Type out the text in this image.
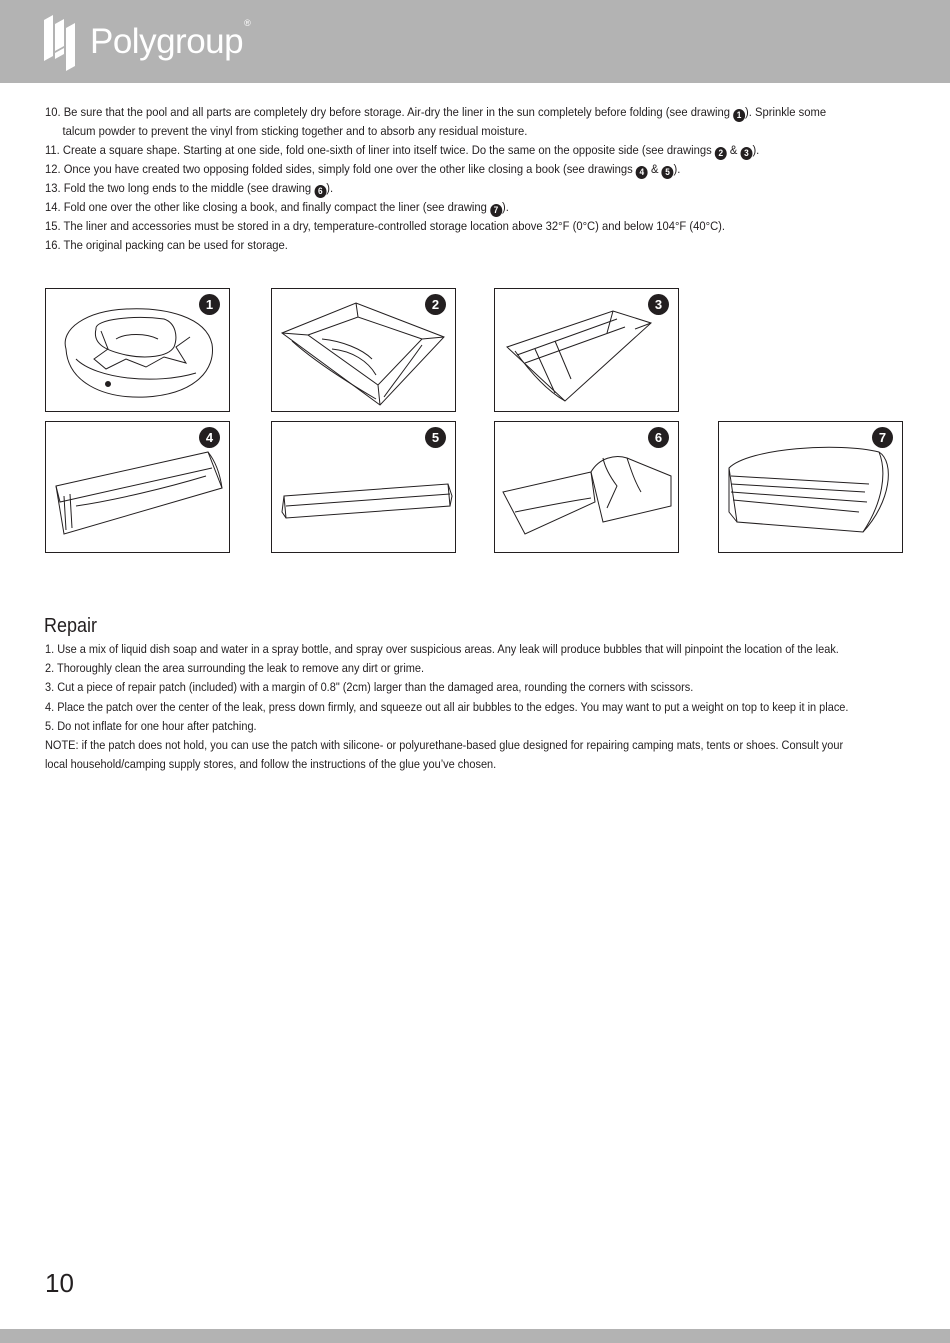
Polygroup®

10. Be sure that the pool and all parts are completely dry before storage. Air-dry the liner in the sun completely before folding (see drawing 1 ). Sprinkle some

talcum powder to prevent the vinyl from sticking together and to absorb any residual moisture.

11. Create a square shape. Starting at one side, fold one-sixth of liner into itself twice. Do the same on the opposite side (see drawings 2 & 3 ).

12. Once you have created two opposing folded sides, simply fold one over the other like closing a book (see drawings 4 & 5 ).

13. Fold the two long ends to the middle (see drawing 6 ).

14. Fold one over the other like closing a book, and finally compact the liner (see drawing 7 ).

15. The liner and accessories must be stored in a dry, temperature-controlled storage location above 32°F (0°C) and below 104°F (40°C).

16. The original packing can be used for storage.

1	2	3
4	5	6	7
Repair

1. Use a mix of liquid dish soap and water in a spray bottle, and spray over suspicious areas. Any leak will produce bubbles that will pinpoint the location of the leak.

2. Thoroughly clean the area surrounding the leak to remove any dirt or grime.

3. Cut a piece of repair patch (included) with a margin of 0.8" (2cm) larger than the damaged area, rounding the corners with scissors.

4. Place the patch over the center of the leak, press down firmly, and squeeze out all air bubbles to the edges. You may want to put a weight on top to keep it in place.

5. Do not inflate for one hour after patching.

NOTE: if the patch does not hold, you can use the patch with silicone- or polyurethane-based glue designed for repairing camping mats, tents or shoes. Consult your

local household/camping supply stores, and follow the instructions of the glue you’ve chosen.

10
